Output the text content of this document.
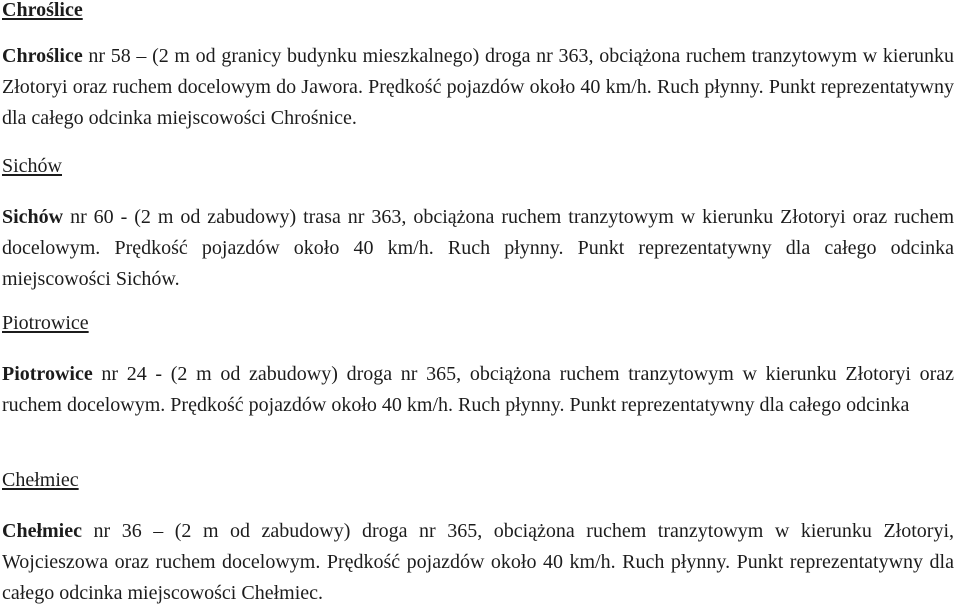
Chroślice

Chroślice nr 58 – (2 m od granicy budynku mieszkalnego) droga nr 363, obciążona ruchem tranzytowym w kierunku Złotoryi oraz ruchem docelowym do Jawora. Prędkość pojazdów około 40 km/h. Ruch płynny. Punkt reprezentatywny dla całego odcinka miejscowości Chrośnice.

Sichów

Sichów nr 60 - (2 m od zabudowy) trasa nr 363, obciążona ruchem tranzytowym w kierunku Złotoryi oraz ruchem docelowym. Prędkość pojazdów około 40 km/h. Ruch płynny. Punkt reprezentatywny dla całego odcinka miejscowości Sichów.

Piotrowice

Piotrowice nr 24 - (2 m od zabudowy) droga nr 365, obciążona ruchem tranzytowym w kierunku Złotoryi oraz ruchem docelowym. Prędkość pojazdów około 40 km/h. Ruch płynny. Punkt reprezentatywny dla całego odcinka

Chełmiec

Chełmiec nr 36 – (2 m od zabudowy) droga nr 365, obciążona ruchem tranzytowym w kierunku Złotoryi, Wojcieszowa oraz ruchem docelowym. Prędkość pojazdów około 40 km/h. Ruch płynny. Punkt reprezentatywny dla całego odcinka miejscowości Chełmiec.
